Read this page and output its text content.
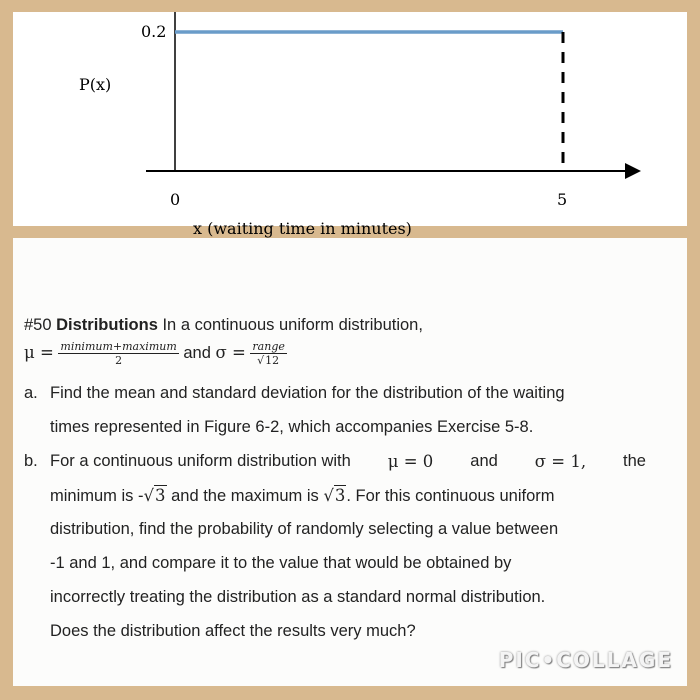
0.2
P(x)
0	5
x (waiting time in minutes)
#50 Distributions In a continuous uniform distribution,
$\mu = \frac{\text{minimum+maximum}}{2}$ and $\sigma = \frac{\text{range}}{√12}$
a. Find the mean and standard deviation for the distribution of the waiting
times represented in Figure 6-2, which accompanies Exercise 5-8.
b. For a continuous uniform distribution with μ = 0 and σ = 1, the
minimum is -√3 and the maximum is √3. For this continuous uniform
distribution, find the probability of randomly selecting a value between
-1 and 1, and compare it to the value that would be obtained by
incorrectly treating the distribution as a standard normal distribution.
Does the distribution affect the results very much?
PIC•COLLAGE
